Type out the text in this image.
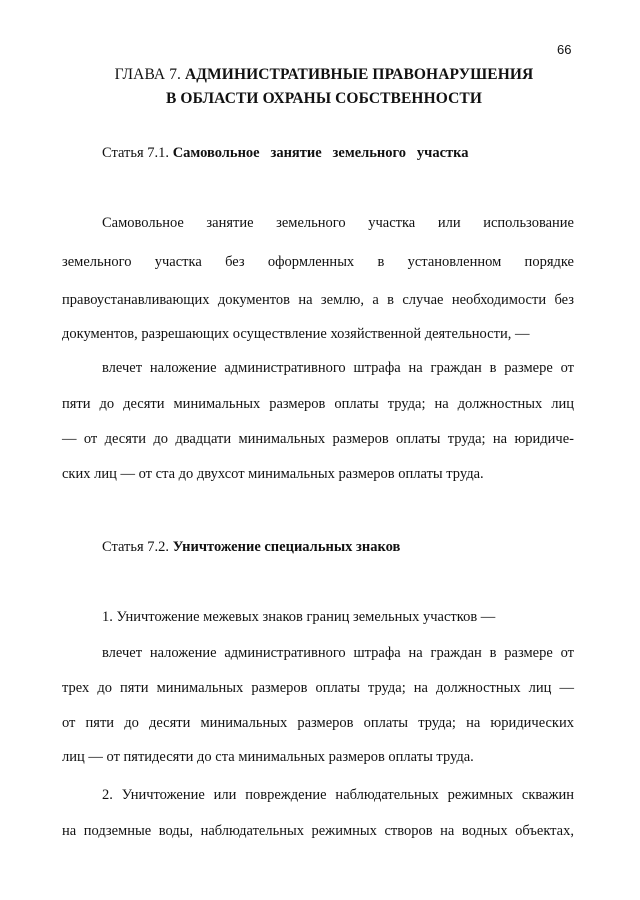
66
ГЛАВА 7. АДМИНИСТРАТИВНЫЕ ПРАВОНАРУШЕНИЯ
В ОБЛАСТИ ОХРАНЫ СОБСТВЕННОСТИ
Статья 7.1. Самовольное   занятие   земельного   участка
Самовольное занятие земельного участка или использование
земельного участка без оформленных в установленном порядке
правоустанавливающих документов на землю, а в случае необходимости без
документов, разрешающих осуществление хозяйственной деятельности, —
влечет наложение административного штрафа на граждан в размере от
пяти до десяти минимальных размеров оплаты труда; на должностных лиц
— от десяти до двадцати минимальных размеров оплаты труда; на юридиче-
ских лиц — от ста до двухсот минимальных размеров оплаты труда.
Статья 7.2. Уничтожение специальных знаков
1. Уничтожение межевых знаков границ земельных участков —
влечет наложение административного штрафа на граждан в размере от
трех до пяти минимальных размеров оплаты труда; на должностных лиц —
от пяти до десяти минимальных размеров оплаты труда; на юридических
лиц — от пятидесяти до ста минимальных размеров оплаты труда.
2. Уничтожение или повреждение наблюдательных режимных скважин
на подземные воды, наблюдательных режимных створов на водных объектах,
